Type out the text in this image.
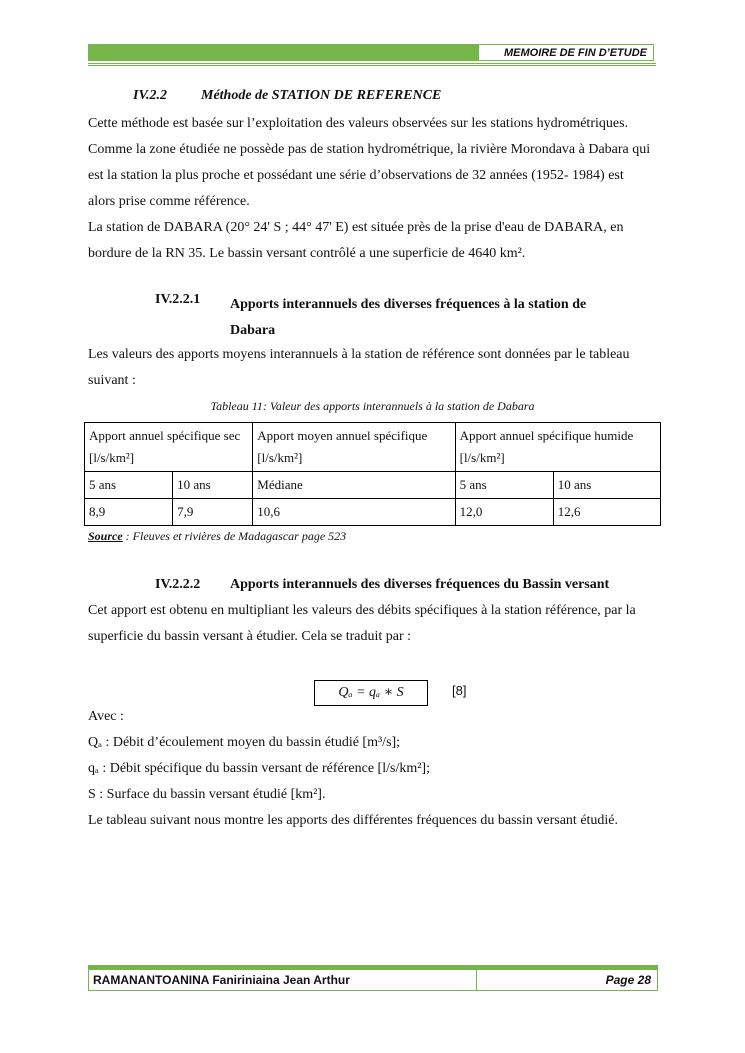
MEMOIRE DE FIN D’ETUDE
IV.2.2 Méthode de STATION DE REFERENCE
Cette méthode est basée sur l’exploitation des valeurs observées sur les stations hydrométriques. Comme la zone étudiée ne possède pas de station hydrométrique, la rivière Morondava à Dabara qui est la station la plus proche et possédant une série d’observations de 32 années (1952- 1984) est alors prise comme référence.
La station de DABARA (20° 24' S ; 44° 47' E) est située près de la prise d'eau de DABARA, en bordure de la RN 35. Le bassin versant contrôlé a une superficie de 4640 km².
IV.2.2.1 Apports interannuels des diverses fréquences à la station de
Dabara
Les valeurs des apports moyens interannuels à la station de référence sont données par le tableau suivant :
Tableau 11: Valeur des apports interannuels à la station de Dabara
Apport annuel spécifique sec [l/s/km²]		Apport moyen annuel spécifique [l/s/km²]	Apport annuel spécifique humide [l/s/km²]	
5 ans	10 ans	Médiane	5 ans	10 ans
8,9	7,9	10,6	12,0	12,6
Source : Fleuves et rivières de Madagascar page 523
IV.2.2.2 Apports interannuels des diverses fréquences du Bassin versant
Cet apport est obtenu en multipliant les valeurs des débits spécifiques à la station référence, par la superficie du bassin versant à étudier. Cela se traduit par :
Qₐ = qₐ ∗ S	[8]
Avec :
Qₐ : Débit d’écoulement moyen du bassin étudié [m³/s];
qₐ : Débit spécifique du bassin versant de référence [l/s/km²];
S : Surface du bassin versant étudié [km²].
Le tableau suivant nous montre les apports des différentes fréquences du bassin versant étudié.
RAMANANTOANINA Faniriniaina Jean Arthur	Page 28
